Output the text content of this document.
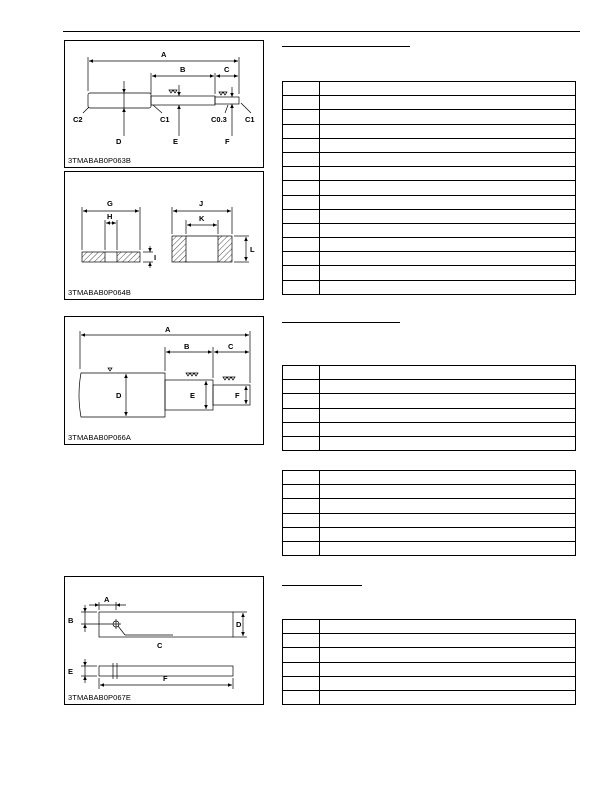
A
B	C
C2	C1	C0.3 C1
D	E	F
3TMABAB0P063B
G
H
I
J
K
L
3TMABAB0P064B
A
B	C
D	E	F
3TMABAB0P066A
A
B
C
D
E
F
3TMABAB0P067E
